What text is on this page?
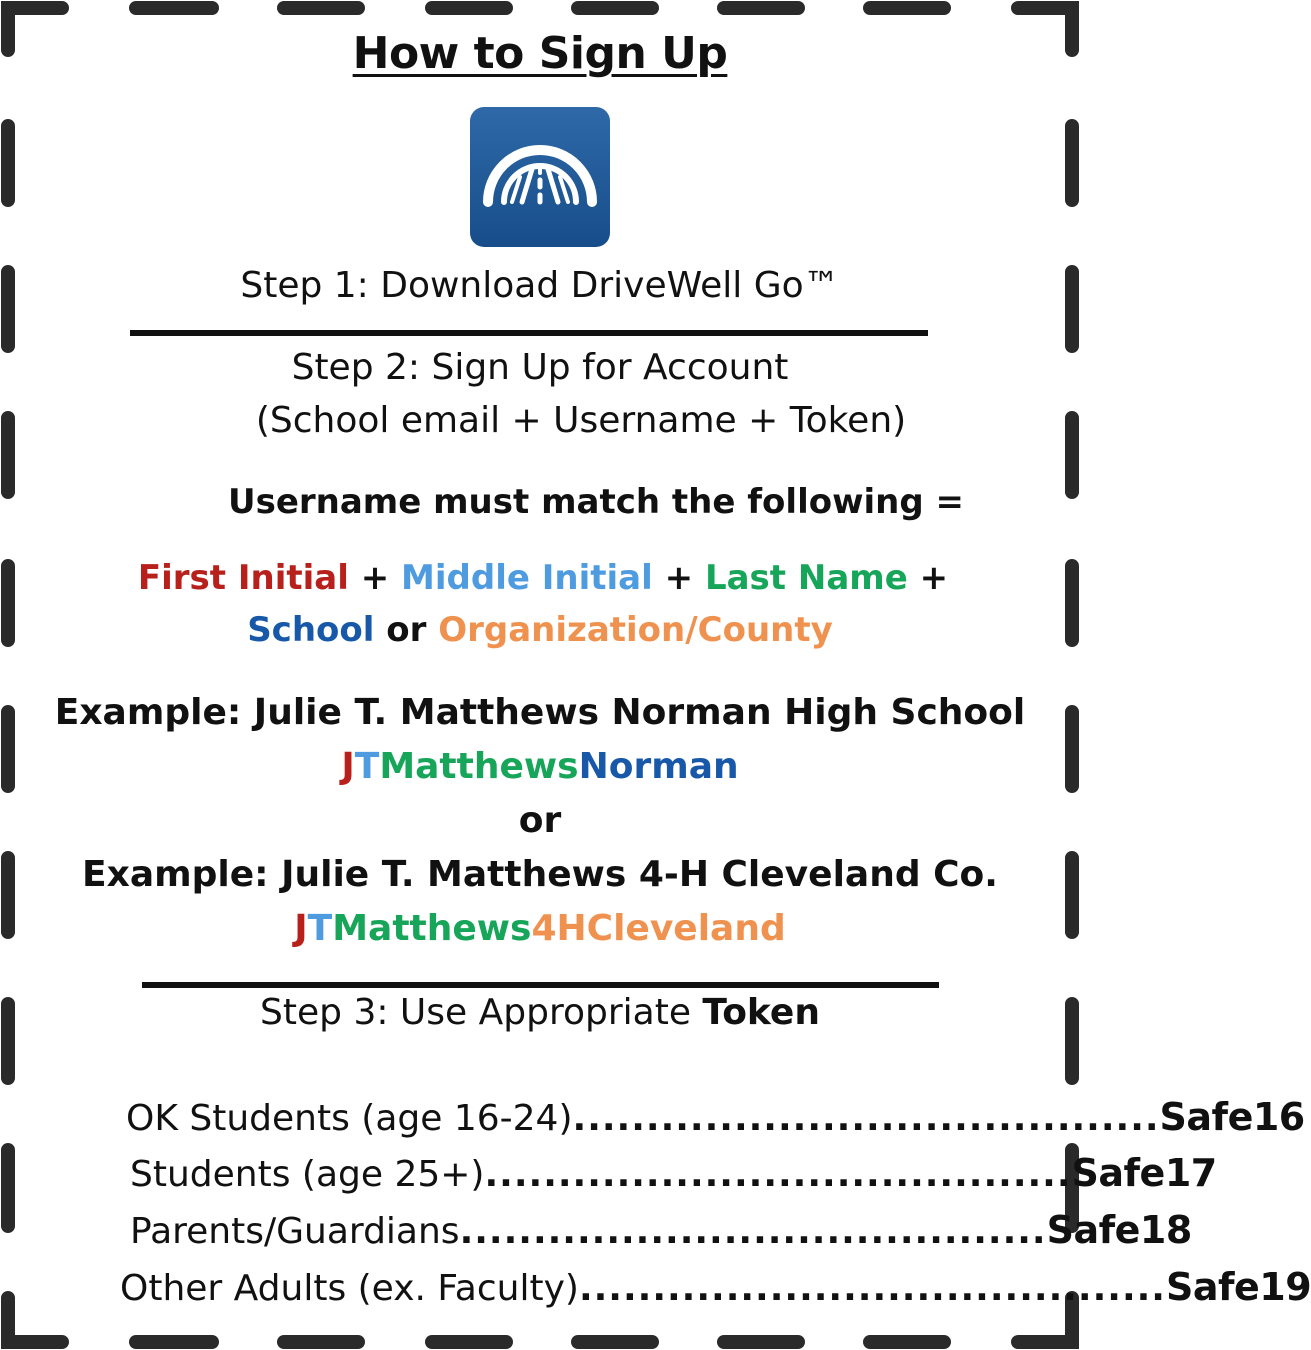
How to Sign Up
Step 1: Download DriveWell Go™
Step 2: Sign Up for Account
(School email + Username + Token)
Username must match the following =
First Initial + Middle Initial + Last Name +
School or Organization/County
Example: Julie T. Matthews Norman High School
JTMatthewsNorman
or
Example: Julie T. Matthews 4-H Cleveland Co.
JTMatthews4HCleveland
Step 3: Use Appropriate Token
OK Students (age 16-24) ........................................ Safe16
Students (age 25+) ........................................ Safe17
Parents/Guardians ........................................ Safe18
Other Adults (ex. Faculty) ........................................ Safe19
